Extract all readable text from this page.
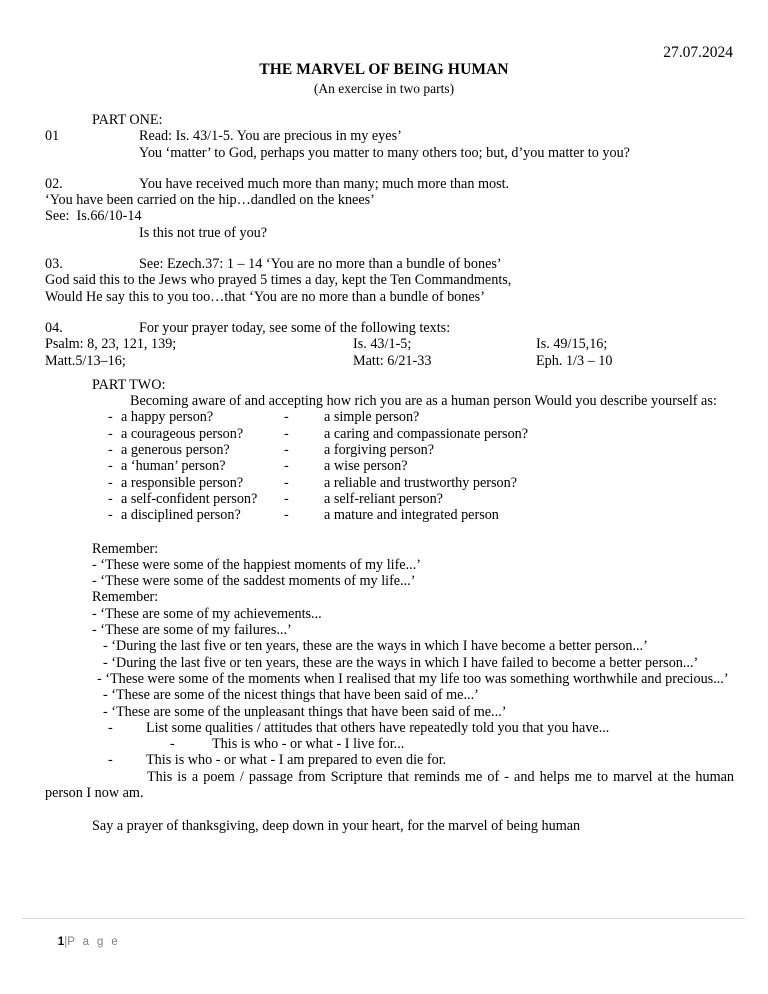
27.07.2024
THE MARVEL OF BEING HUMAN
(An exercise in two parts)
PART ONE:
01	Read: Is. 43/1-5. You are precious in my eyes’
You ‘matter’ to God, perhaps you matter to many others too; but, d’you matter to you?
02.	You have received much more than many; much more than most.
‘You have been carried on the hip…dandled on the knees’
See:  Is.66/10-14
Is this not true of you?
03.	See: Ezech.37: 1 – 14 ‘You are no more than a bundle of bones’
God said this to the Jews who prayed 5 times a day, kept the Ten Commandments,
Would He say this to you too…that ‘You are no more than a bundle of bones’
04.	For your prayer today, see some of the following texts:
Psalm: 8, 23, 121, 139;	Is. 43/1-5;	Is. 49/15,16;
Matt.5/13–16;	Matt: 6/21-33	Eph. 1/3 – 10
PART TWO:
Becoming aware of and accepting how rich you are as a human person Would you describe yourself as:
- a happy person?	-	a simple person?
- a courageous person?	-	a caring and compassionate person?
- a generous person?	-	a forgiving person?
- a ‘human’ person?	-	a wise person?
- a responsible person?	-	a reliable and trustworthy person?
- a self-confident person?	-	a self-reliant person?
- a disciplined person?	-	a mature and integrated person
Remember:
- ‘These were some of the happiest moments of my life...’
- ‘These were some of the saddest moments of my life...’
Remember:
- ‘These are some of my achievements...
- ‘These are some of my failures...’
- ‘During the last five or ten years, these are the ways in which I have become a better person...’
- ‘During the last five or ten years, these are the ways in which I have failed to become a better person...’
- ‘These were some of the moments when I realised that my life too was something worthwhile and precious...’
- ‘These are some of the nicest things that have been said of me...’
- ‘These are some of the unpleasant things that have been said of me...’
-	List some qualities / attitudes that others have repeatedly told you that you have...
-	This is who - or what - I live for...
-	This is who - or what - I am prepared to even die for.
This is a poem / passage from Scripture that reminds me of - and helps me to marvel at the human person I now am.
Say a prayer of thanksgiving, deep down in your heart, for the marvel of being human

1|P a g e
